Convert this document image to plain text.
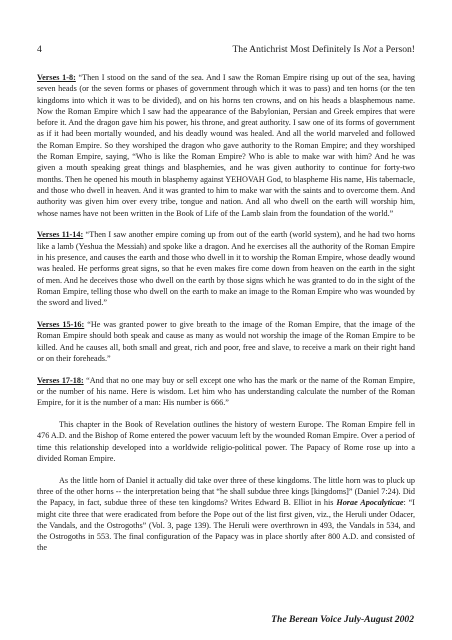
4	The Antichrist Most Definitely Is Not a Person!

Verses 1-8: “Then I stood on the sand of the sea. And I saw the Roman Empire rising up out of the sea, having seven heads (or the seven forms or phases of government through which it was to pass) and ten horns (or the ten kingdoms into which it was to be divided), and on his horns ten crowns, and on his heads a blasphemous name. Now the Roman Empire which I saw had the appearance of the Babylonian, Persian and Greek empires that were before it. And the dragon gave him his power, his throne, and great authority. I saw one of its forms of government as if it had been mortally wounded, and his deadly wound was healed. And all the world marveled and followed the Roman Empire. So they worshiped the dragon who gave authority to the Roman Empire; and they worshiped the Roman Empire, saying, “Who is like the Roman Empire? Who is able to make war with him? And he was given a mouth speaking great things and blasphemies, and he was given authority to continue for forty-two months. Then he opened his mouth in blasphemy against YEHOVAH God, to blaspheme His name, His tabernacle, and those who dwell in heaven. And it was granted to him to make war with the saints and to overcome them. And authority was given him over every tribe, tongue and nation. And all who dwell on the earth will worship him, whose names have not been written in the Book of Life of the Lamb slain from the foundation of the world.”

Verses 11-14: “Then I saw another empire coming up from out of the earth (world system), and he had two horns like a lamb (Yeshua the Messiah) and spoke like a dragon. And he exercises all the authority of the Roman Empire in his presence, and causes the earth and those who dwell in it to worship the Roman Empire, whose deadly wound was healed. He performs great signs, so that he even makes fire come down from heaven on the earth in the sight of men. And he deceives those who dwell on the earth by those signs which he was granted to do in the sight of the Roman Empire, telling those who dwell on the earth to make an image to the Roman Empire who was wounded by the sword and lived.”

Verses 15-16: “He was granted power to give breath to the image of the Roman Empire, that the image of the Roman Empire should both speak and cause as many as would not worship the image of the Roman Empire to be killed. And he causes all, both small and great, rich and poor, free and slave, to receive a mark on their right hand or on their foreheads.”

Verses 17-18: “And that no one may buy or sell except one who has the mark or the name of the Roman Empire, or the number of his name. Here is wisdom. Let him who has understanding calculate the number of the Roman Empire, for it is the number of a man: His number is 666.”

This chapter in the Book of Revelation outlines the history of western Europe. The Roman Empire fell in 476 A.D. and the Bishop of Rome entered the power vacuum left by the wounded Roman Empire. Over a period of time this relationship developed into a worldwide religio-political power. The Papacy of Rome rose up into a divided Roman Empire.

As the little horn of Daniel it actually did take over three of these kingdoms. The little horn was to pluck up three of the other horns -- the interpretation being that “he shall subdue three kings [kingdoms]” (Daniel 7:24). Did the Papacy, in fact, subdue three of these ten kingdoms? Writes Edward B. Elliot in his Horae Apocalyticae: “I might cite three that were eradicated from before the Pope out of the list first given, viz., the Heruli under Odacer, the Vandals, and the Ostrogoths” (Vol. 3, page 139). The Heruli were overthrown in 493, the Vandals in 534, and the Ostrogoths in 553. The final configuration of the Papacy was in place shortly after 800 A.D. and consisted of the

The Berean Voice July-August 2002
